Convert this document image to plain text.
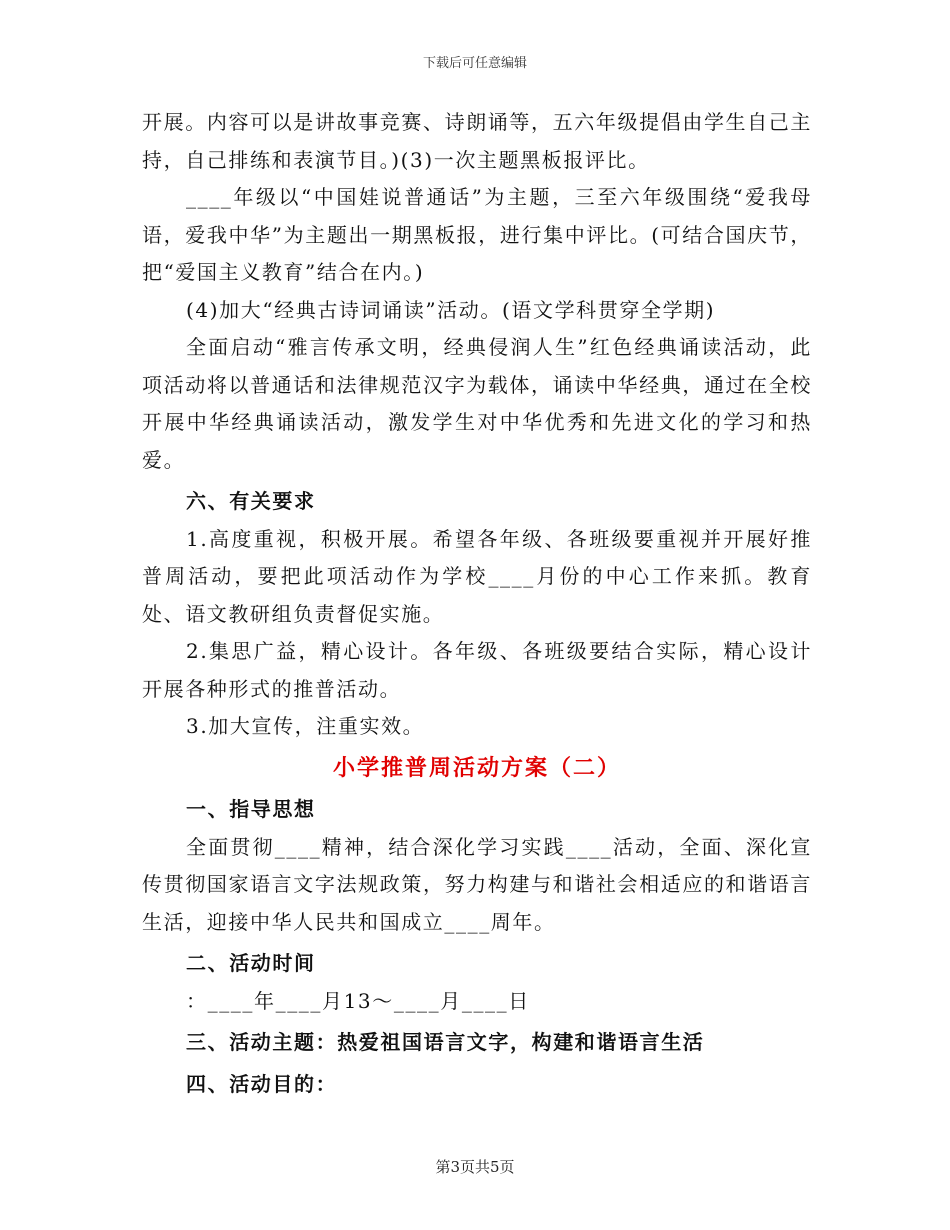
下载后可任意编辑

开展。内容可以是讲故事竞赛、诗朗诵等，五六年级提倡由学生自己主持，自己排练和表演节目。)(3)一次主题黑板报评比。

____年级以“中国娃说普通话”为主题，三至六年级围绕“爱我母语，爱我中华”为主题出一期黑板报，进行集中评比。(可结合国庆节，把“爱国主义教育”结合在内。)

(4)加大“经典古诗词诵读”活动。(语文学科贯穿全学期)

全面启动“雅言传承文明，经典侵润人生”红色经典诵读活动，此项活动将以普通话和法律规范汉字为载体，诵读中华经典，通过在全校开展中华经典诵读活动，激发学生对中华优秀和先进文化的学习和热爱。

六、有关要求

1.高度重视，积极开展。希望各年级、各班级要重视并开展好推普周活动，要把此项活动作为学校____月份的中心工作来抓。教育处、语文教研组负责督促实施。

2.集思广益，精心设计。各年级、各班级要结合实际，精心设计开展各种形式的推普活动。

3.加大宣传，注重实效。

小学推普周活动方案（二）

一、指导思想

全面贯彻____精神，结合深化学习实践____活动，全面、深化宣传贯彻国家语言文字法规政策，努力构建与和谐社会相适应的和谐语言生活，迎接中华人民共和国成立____周年。

二、活动时间

：____年____月13～____月____日

三、活动主题：热爱祖国语言文字，构建和谐语言生活

四、活动目的：

第3页共5页
